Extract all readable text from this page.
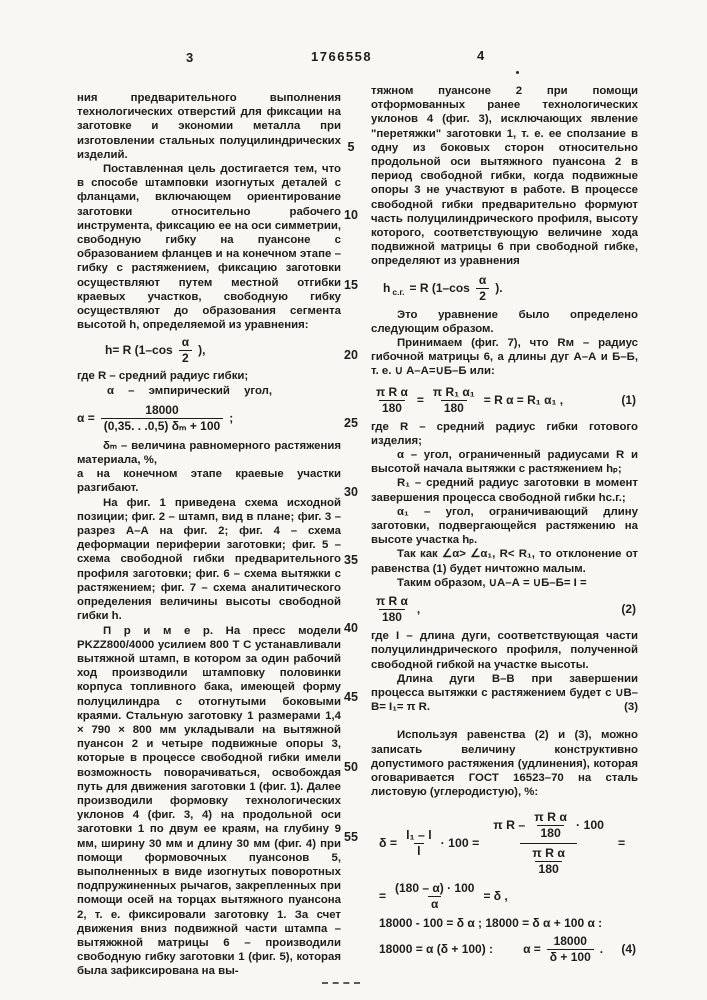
3	1766558	4
5
10
15
20
25
30
35
40
45
50
55

ния предварительного выполнения технологических отверстий для фиксации на заготовке и экономии металла при изготовлении стальных полуцилиндрических изделий.

Поставленная цель достигается тем, что в способе штамповки изогнутых деталей с фланцами, включающем ориентирование заготовки относительно рабочего инструмента, фиксацию ее на оси симметрии, свободную гибку на пуансоне с образованием фланцев и на конечном этапе – гибку с растяжением, фиксацию заготовки осуществляют путем местной отгибки краевых участков, свободную гибку осуществляют до образования сегмента высотой h, определяемой из уравнения:

h= R ($1-\cos \frac{\alpha}{2}$ ),

где R – средний радиус гибки;

α – эмпирический угол,

$\alpha = \frac{18000}{\text{(0,35. . .0,5) δₘ + 100}}$ ;

δₘ – величина равномерного растяжения материала, %,

а на конечном этапе краевые участки разгибают.

На фиг. 1 приведена схема исходной позиции; фиг. 2 – штамп, вид в плане; фиг. 3 – разрез А–А на фиг. 2; фиг. 4 – схема деформации периферии заготовки; фиг. 5 – схема свободной гибки предварительного профиля заготовки; фиг. 6 – схема вытяжки с растяжением; фиг. 7 – схема аналитического определения величины высоты свободной гибки h.

П р и м е р. На пресс модели PKZZ800/4000 усилием 800 Т С устанавливали вытяжной штамп, в котором за один рабочий ход производили штамповку половинки корпуса топливного бака, имеющей форму полуцилиндра с отогнутыми боковыми краями. Стальную заготовку 1 размерами 1,4 × 790 × 800 мм укладывали на вытяжной пуансон 2 и четыре подвижные опоры 3, которые в процессе свободной гибки имели возможность поворачиваться, освобождая путь для движения заготовки 1 (фиг. 1). Далее производили формовку технологических уклонов 4 (фиг. 3, 4) на продольной оси заготовки 1 по двум ее краям, на глубину 9 мм, ширину 30 мм и длину 30 мм (фиг. 4) при помощи формовочных пуансонов 5, выполненных в виде изогнутых поворотных подпружиненных рычагов, закрепленных при помощи осей на торцах вытяжного пуансона 2, т. е. фиксировали заготовку 1. За счет движения вниз подвижной части штампа – вытяжжной матрицы 6 – производили свободную гибку заготовки 1 (фиг. 5), которая была зафиксирована на вы-

тяжном пуансоне 2 при помощи отформованных ранее технологических уклонов 4 (фиг. 3), исключающих явление "перетяжки" заготовки 1, т. е. ее сползание в одну из боковых сторон относительно продольной оси вытяжного пуансона 2 в период свободной гибки, когда подвижные опоры 3 не участвуют в работе. В процессе свободной гибки предварительно формуют часть полуцилиндрического профиля, высоту которого, соответствующую величине хода подвижной матрицы 6 при свободной гибке, определяют из уравнения

h с.г. = R ($1-\cos \frac{\alpha}{2}$ ).

Это уравнение было определено следующим образом.

Принимаем (фиг. 7), что Rм – радиус гибочной матрицы 6, а длины дуг А–А и Б–Б, т. е. ∪ А–А=∪Б–Б или:

$\frac{\text{π R α}}{180} = \frac{\text{π R₁ α₁}}{180} = R$ α = R₁ α₁ ,	(1)

где R – средний радиус гибки готового изделия;

α – угол, ограниченный радиусами R и высотой начала вытяжки с растяжением hₚ;

R₁ – средний радиус заготовки в момент завершения процесса свободной гибки hс.г.;

α₁ – угол, ограничивающий длину заготовки, подвергающейся растяжению на высоте участка hₚ.

Так как ∠α> ∠α₁, R< R₁, то отклонение от равенства (1) будет ничтожно малым.

Таким образом, ∪А–А = ∪Б–Б= I =

$\frac{\text{π R α}}{180}$ ,	(2)

где I – длина дуги, соответствующая части полуцилиндрического профиля, полученной свободной гибкой на участке высоты.

Длина дуги В–В при завершении процесса вытяжки с растяжением будет с ∪В–В= I₁= π R.	(3)

Используя равенства (2) и (3), можно записать величину конструктивно допустимого растяжения (удлинения), которая оговаривается ГОСТ 16523–70 на сталь листовую (углеродистую), %:

$\delta = \frac{\text{l₁ – l}}{l} \cdot 100$ =
π $R - \frac{\text{π R α}}{180} \cdot 100$
$\frac{\text{π R α}}{180}$
=
= $\frac{(180 - \alpha) \cdot 100}{\alpha} = \delta$ ,
18000 - 100 = δ α ; 18000 = δ α + 100 α :
18000 = α (δ + 100) :	$\alpha = \frac{18000}{\delta + 100}$ . (4)
